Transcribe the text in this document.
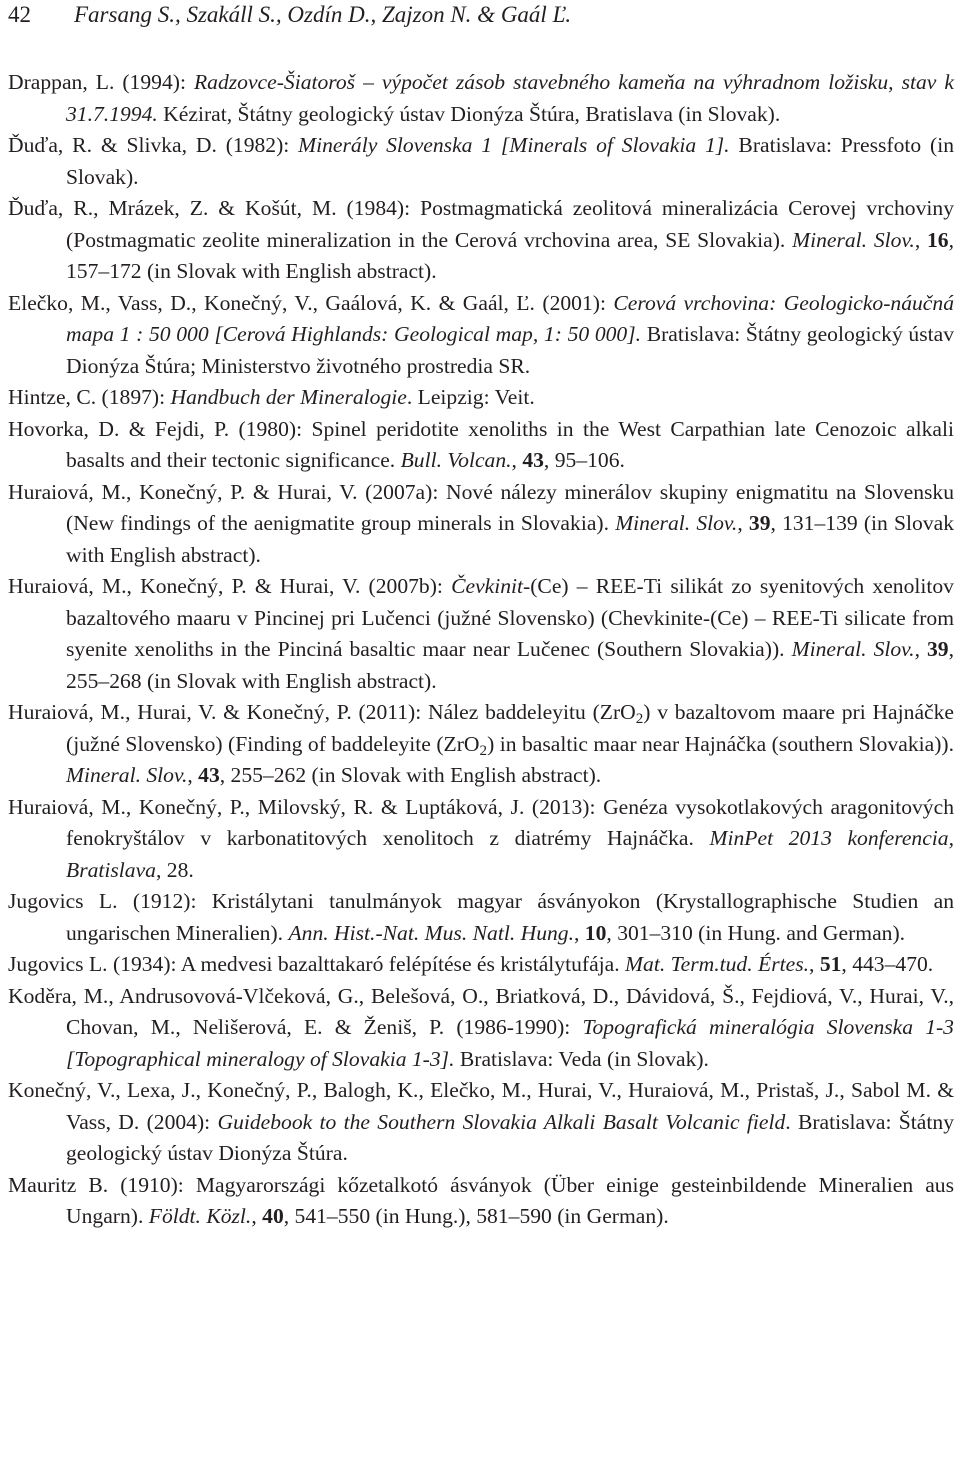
42 Farsang S., Szakáll S., Ozdín D., Zajzon N. & Gaál Ľ.

Drappan, L. (1994): Radzovce-Šiatoroš – výpočet zásob stavebného kameňa na výhradnom ložisku, stav k 31.7.1994. Kézirat, Štátny geologický ústav Dionýza Štúra, Bratislava (in Slovak).

Ďuďa, R. & Slivka, D. (1982): Minerály Slovenska 1 [Minerals of Slovakia 1]. Bratislava: Pressfoto (in Slovak).

Ďuďa, R., Mrázek, Z. & Košút, M. (1984): Postmagmatická zeolitová mineralizácia Cerovej vrchoviny (Postmagmatic zeolite mineralization in the Cerová vrchovina area, SE Slovakia). Mineral. Slov., 16, 157–172 (in Slovak with English abstract).

Elečko, M., Vass, D., Konečný, V., Gaálová, K. & Gaál, Ľ. (2001): Cerová vrchovina: Geologicko-náučná mapa 1 : 50 000 [Cerová Highlands: Geological map, 1: 50 000]. Bratislava: Štátny geologický ústav Dionýza Štúra; Ministerstvo životného prostredia SR.

Hintze, C. (1897): Handbuch der Mineralogie. Leipzig: Veit.

Hovorka, D. & Fejdi, P. (1980): Spinel peridotite xenoliths in the West Carpathian late Cenozoic alkali basalts and their tectonic significance. Bull. Volcan., 43, 95–106.

Huraiová, M., Konečný, P. & Hurai, V. (2007a): Nové nálezy minerálov skupiny enigmatitu na Slovensku (New findings of the aenigmatite group minerals in Slovakia). Mineral. Slov., 39, 131–139 (in Slovak with English abstract).

Huraiová, M., Konečný, P. & Hurai, V. (2007b): Čevkinit-(Ce) – REE-Ti silikát zo syenitových xenolitov bazaltového maaru v Pincinej pri Lučenci (južné Slovensko) (Chevkinite-(Ce) – REE-Ti silicate from syenite xenoliths in the Pinciná basaltic maar near Lučenec (Southern Slovakia)). Mineral. Slov., 39, 255–268 (in Slovak with English abstract).

Huraiová, M., Hurai, V. & Konečný, P. (2011): Nález baddeleyitu (ZrO$_2$) v bazaltovom maare pri Hajnáčke (južné Slovensko) (Finding of baddeleyite (ZrO$_2$) in basaltic maar near Hajnáčka (southern Slovakia)). Mineral. Slov., 43, 255–262 (in Slovak with English abstract).

Huraiová, M., Konečný, P., Milovský, R. & Luptáková, J. (2013): Genéza vysokotlakových aragonitových fenokryštálov v karbonatitových xenolitoch z diatrémy Hajnáčka. MinPet 2013 konferencia, Bratislava, 28.

Jugovics L. (1912): Kristálytani tanulmányok magyar ásványokon (Krystallographische Studien an ungarischen Mineralien). Ann. Hist.-Nat. Mus. Natl. Hung., 10, 301–310 (in Hung. and German).

Jugovics L. (1934): A medvesi bazalttakaró felépítése és kristálytufája. Mat. Term.tud. Értes., 51, 443–470.

Koděra, M., Andrusovová-Vlčeková, G., Belešová, O., Briatková, D., Dávidová, Š., Fejdiová, V., Hurai, V., Chovan, M., Nelišerová, E. & Ženiš, P. (1986-1990): Topografická mineralógia Slovenska 1-3 [Topographical mineralogy of Slovakia 1-3]. Bratislava: Veda (in Slovak).

Konečný, V., Lexa, J., Konečný, P., Balogh, K., Elečko, M., Hurai, V., Huraiová, M., Pristaš, J., Sabol M. & Vass, D. (2004): Guidebook to the Southern Slovakia Alkali Basalt Volcanic field. Bratislava: Štátny geologický ústav Dionýza Štúra.

Mauritz B. (1910): Magyarországi kőzetalkotó ásványok (Über einige gesteinbildende Mineralien aus Ungarn). Földt. Közl., 40, 541–550 (in Hung.), 581–590 (in German).
